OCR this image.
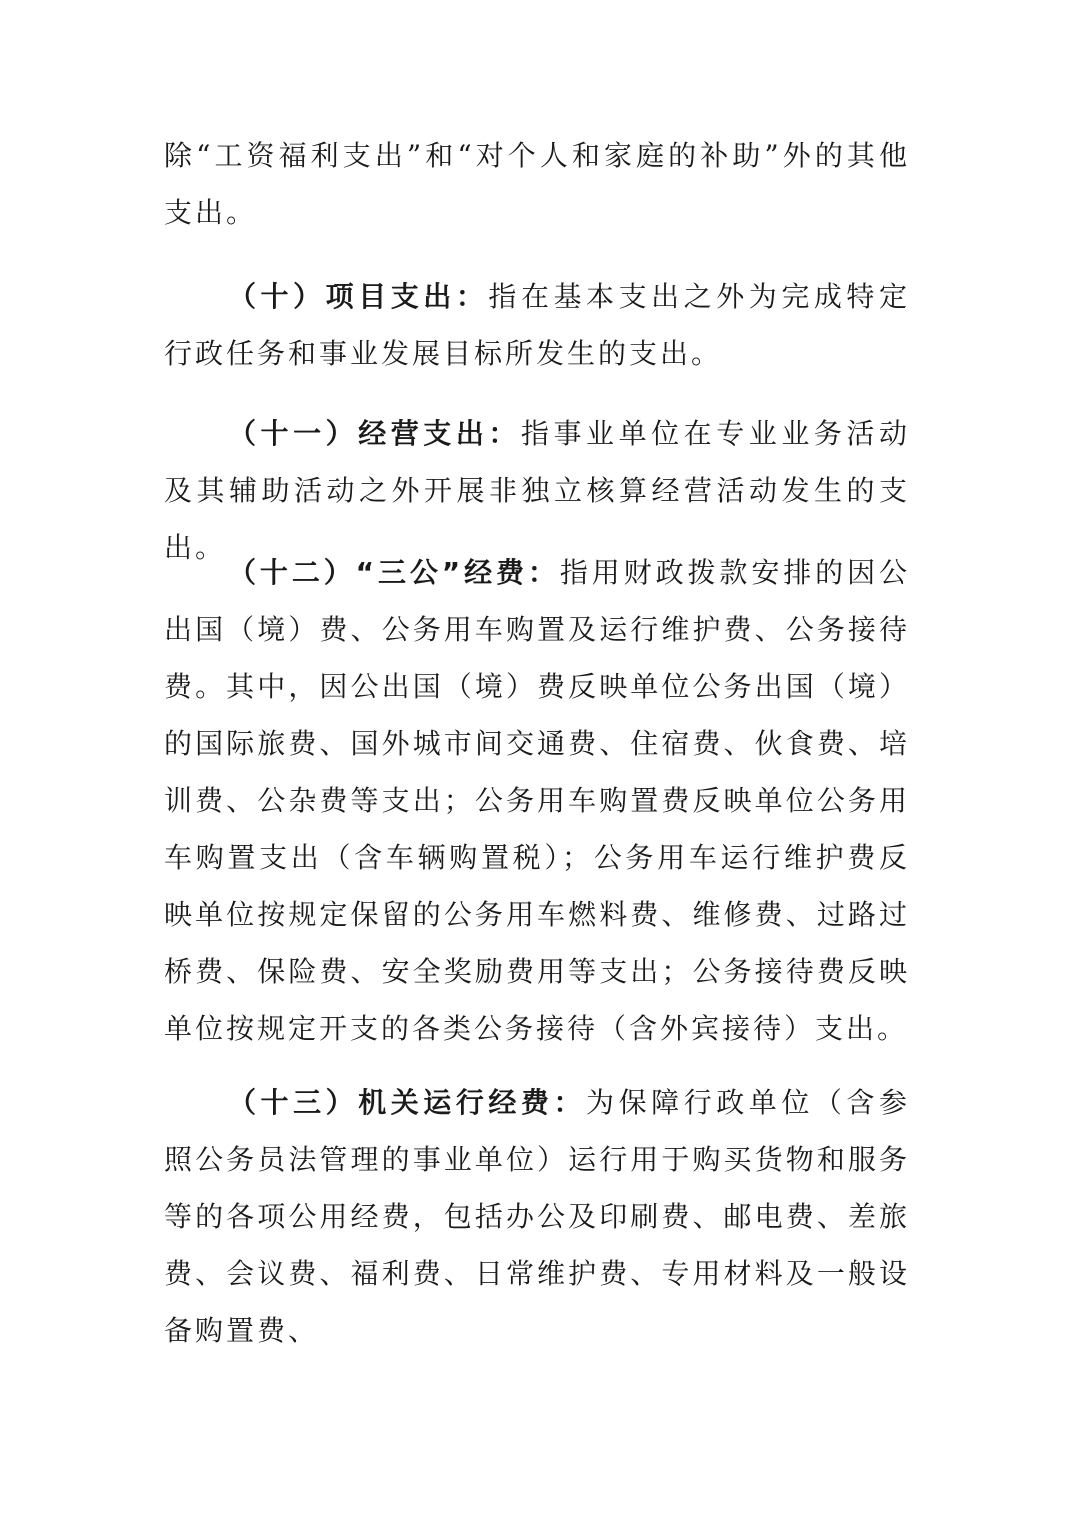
除“工资福利支出”和“对个人和家庭的补助”外的其他支出。

（十）项目支出：指在基本支出之外为完成特定行政任务和事业发展目标所发生的支出。

（十一）经营支出：指事业单位在专业业务活动及其辅助活动之外开展非独立核算经营活动发生的支出。

（十二）“三公”经费：指用财政拨款安排的因公出国（境）费、公务用车购置及运行维护费、公务接待费。其中，因公出国（境）费反映单位公务出国（境）的国际旅费、国外城市间交通费、住宿费、伙食费、培训费、公杂费等支出；公务用车购置费反映单位公务用车购置支出（含车辆购置税）；公务用车运行维护费反映单位按规定保留的公务用车燃料费、维修费、过路过桥费、保险费、安全奖励费用等支出；公务接待费反映单位按规定开支的各类公务接待（含外宾接待）支出。

（十三）机关运行经费：为保障行政单位（含参照公务员法管理的事业单位）运行用于购买货物和服务等的各项公用经费，包括办公及印刷费、邮电费、差旅费、会议费、福利费、日常维护费、专用材料及一般设备购置费、
